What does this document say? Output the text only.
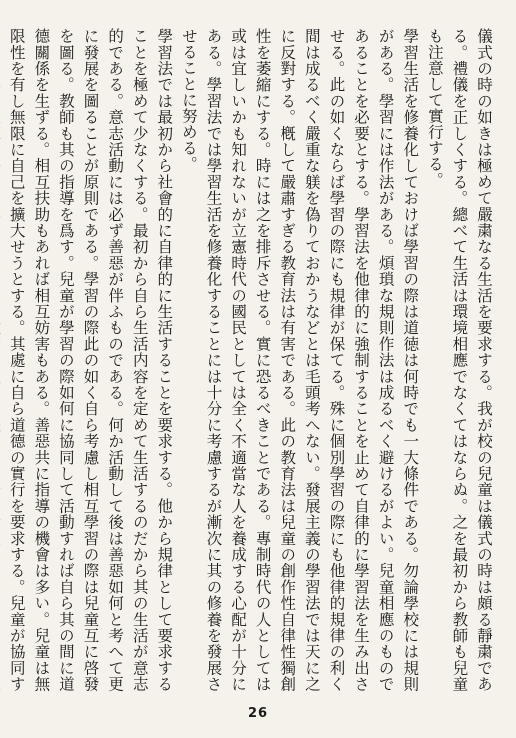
儀式の時の如きは極めて嚴粛なる生活を要求する。我が校の兒童は儀式の時は頗る靜粛である。禮儀を正しくする。總べて生活は環境相應でなくてはならぬ。之を最初から教師も兒童も注意して實行する。

學習生活を修養化しておけば學習の際は道徳は何時でも一大條件である。勿論學校には規則がある。學習には作法がある。煩瑣な規則作法は成るべく避けるがよい。兒童相應のものであることを必要とする。學習法を他律的に強制することを止めて自律的に學習法を生み出させる。此の如くならば學習の際にも規律が保てる。殊に個別學習の際にも他律的規律の利く間は成るべく嚴重な躾を偽りておかうなどとは毛頭考へない。發展主義の學習法では天に之に反對する。槪して嚴肅すぎる教育法は有害である。此の教育法は兒童の創作性自律性獨創性を萎縮にする。時には之を排斥させる。實に恐るべきことである。專制時代の人としては或は宜しいかも知れないが立憲時代の國民としては全く不適當な人を養成する心配が十分にある。學習法では學習生活を修養化することには十分に考慮するが漸次に其の修養を發展させることに努める。

學習法では最初から社會的に自律的に生活することを要求する。他から規律として要求することを極めて少なくする。最初から自ら生活内容を定めて生活するのだから其の生活が意志的である。意志活動には必ず善惡が伴ふものである。何か活動して後は善惡如何と考へて更に發展を圖ることが原則である。學習の際此の如く自ら考慮し相互學習の際は兒童互に啓發を圖る。教師も其の指導を爲す。兒童が學習の際如何に協同して活動すれば自ら其の間に道德關係を生ずる。相互扶助もあれば相互妨害もある。善惡共に指導の機會は多い。兒童は無限性を有し無限に自己を擴大せうとする。其處に自ら道德の實行を要求する。兒童が協同す

26
